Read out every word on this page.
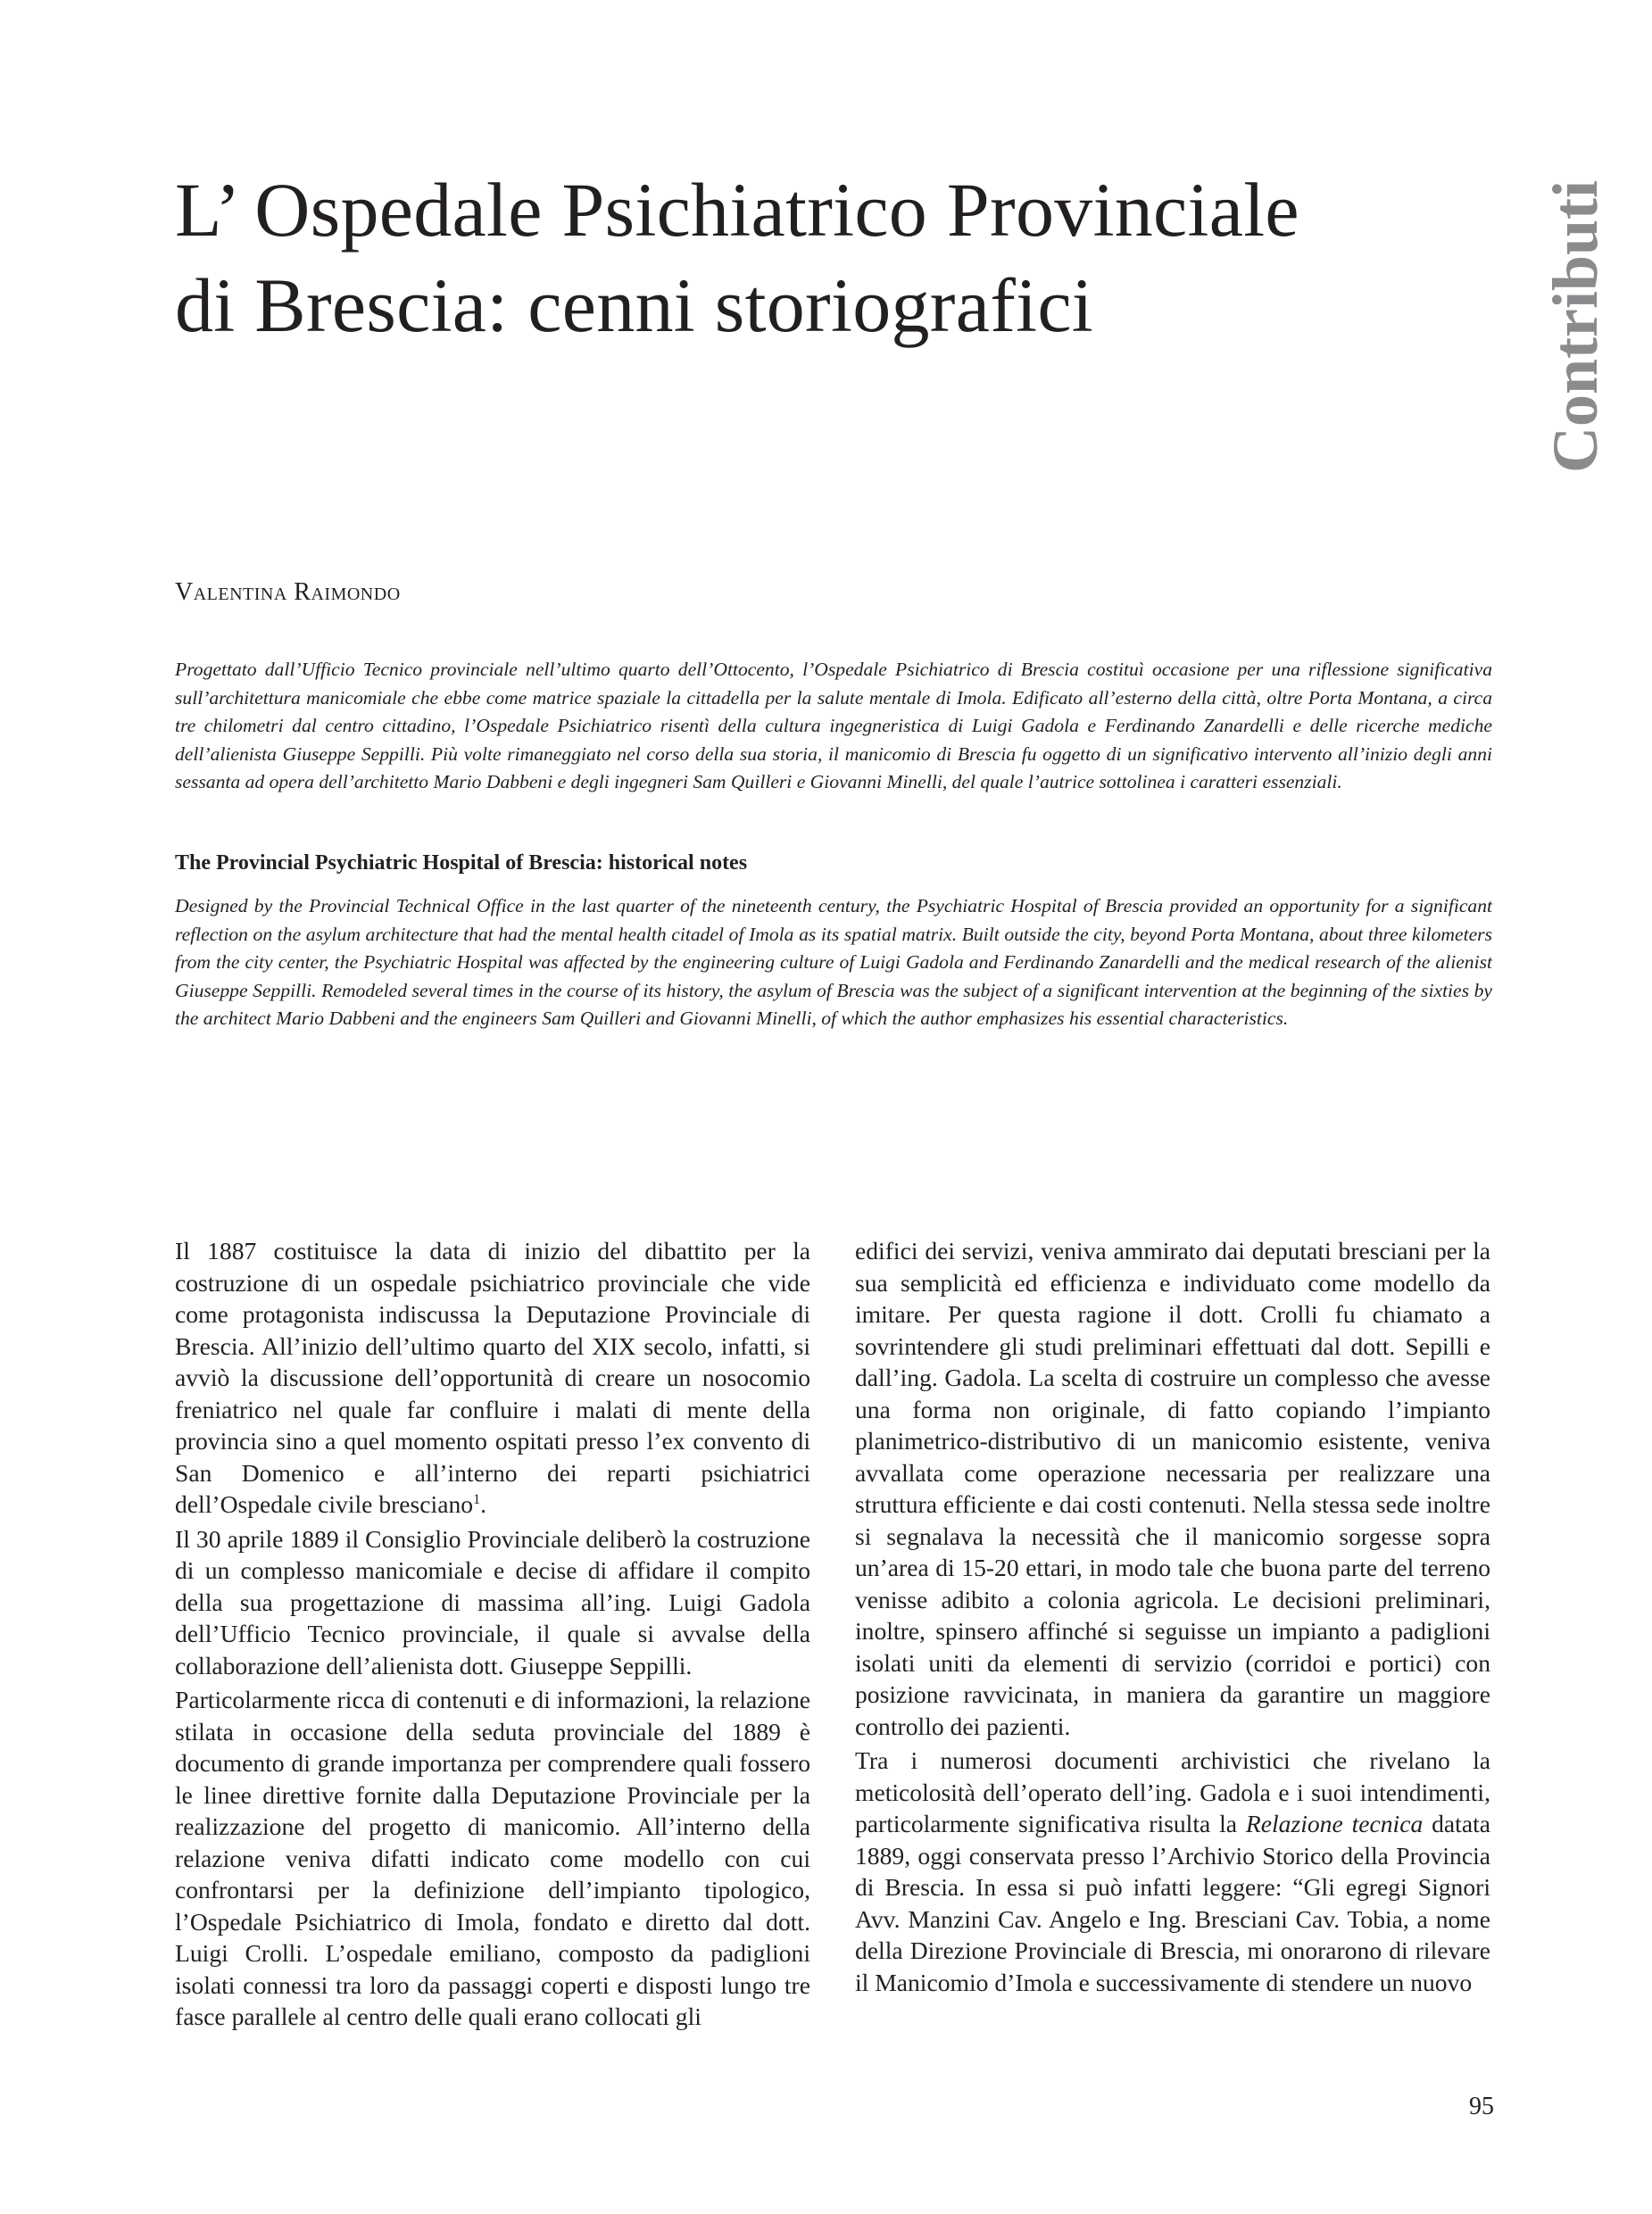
L’ Ospedale Psichiatrico Provinciale
di Brescia: cenni storiografici	Contributi
Valentina Raimondo
Progettato dall’Ufficio Tecnico provinciale nell’ultimo quarto dell’Ottocento, l’Ospedale Psichiatrico di Brescia costituì occasione per una riflessione significativa sull’architettura manicomiale che ebbe come matrice spaziale la cittadella per la salute mentale di Imola. Edificato all’esterno della città, oltre Porta Montana, a circa tre chilometri dal centro cittadino, l’Ospedale Psichiatrico risentì della cultura ingegneristica di Luigi Gadola e Ferdinando Zanardelli e delle ricerche mediche dell’alienista Giuseppe Seppilli. Più volte rimaneggiato nel corso della sua storia, il manicomio di Brescia fu oggetto di un significativo intervento all’inizio degli anni sessanta ad opera dell’architetto Mario Dabbeni e degli ingegneri Sam Quilleri e Giovanni Minelli, del quale l’autrice sottolinea i caratteri essenziali.
The Provincial Psychiatric Hospital of Brescia: historical notes
Designed by the Provincial Technical Office in the last quarter of the nineteenth century, the Psychiatric Hospital of Brescia provided an opportunity for a significant reflection on the asylum architecture that had the mental health citadel of Imola as its spatial matrix. Built outside the city, beyond Porta Montana, about three kilometers from the city center, the Psychiatric Hospital was affected by the engineering culture of Luigi Gadola and Ferdinando Zanardelli and the medical research of the alienist Giuseppe Seppilli. Remodeled several times in the course of its history, the asylum of Brescia was the subject of a significant intervention at the beginning of the sixties by the architect Mario Dabbeni and the engineers Sam Quilleri and Giovanni Minelli, of which the author emphasizes his essential characteristics.

Il 1887 costituisce la data di inizio del dibattito per la costruzione di un ospedale psichiatrico provinciale che vide come protagonista indiscussa la Deputazione Provinciale di Brescia. All’inizio dell’ultimo quarto del XIX secolo, infatti, si avviò la discussione dell’opportunità di creare un nosocomio freniatrico nel quale far confluire i malati di mente della provincia sino a quel momento ospitati presso l’ex convento di San Domenico e all’interno dei reparti psichiatrici dell’Ospedale civile bresciano$^1$.

Il 30 aprile 1889 il Consiglio Provinciale deliberò la costruzione di un complesso manicomiale e decise di affidare il compito della sua progettazione di massima all’ing. Luigi Gadola dell’Ufficio Tecnico provinciale, il quale si avvalse della collaborazione dell’alienista dott. Giuseppe Seppilli.

Particolarmente ricca di contenuti e di informazioni, la relazione stilata in occasione della seduta provinciale del 1889 è documento di grande importanza per comprendere quali fossero le linee direttive fornite dalla Deputazione Provinciale per la realizzazione del progetto di manicomio. All’interno della relazione veniva difatti indicato come modello con cui confrontarsi per la definizione dell’impianto tipologico, l’Ospedale Psichiatrico di Imola, fondato e diretto dal dott. Luigi Crolli. L’ospedale emiliano, composto da padiglioni isolati connessi tra loro da passaggi coperti e disposti lungo tre fasce parallele al centro delle quali erano collocati gli

edifici dei servizi, veniva ammirato dai deputati bresciani per la sua semplicità ed efficienza e individuato come modello da imitare. Per questa ragione il dott. Crolli fu chiamato a sovrintendere gli studi preliminari effettuati dal dott. Sepilli e dall’ing. Gadola. La scelta di costruire un complesso che avesse una forma non originale, di fatto copiando l’impianto planimetrico-distributivo di un manicomio esistente, veniva avvallata come operazione necessaria per realizzare una struttura efficiente e dai costi contenuti. Nella stessa sede inoltre si segnalava la necessità che il manicomio sorgesse sopra un’area di 15-20 ettari, in modo tale che buona parte del terreno venisse adibito a colonia agricola. Le decisioni preliminari, inoltre, spinsero affinché si seguisse un impianto a padiglioni isolati uniti da elementi di servizio (corridoi e portici) con posizione ravvicinata, in maniera da garantire un maggiore controllo dei pazienti.

Tra i numerosi documenti archivistici che rivelano la meticolosità dell’operato dell’ing. Gadola e i suoi intendimenti, particolarmente significativa risulta la Relazione tecnica datata 1889, oggi conservata presso l’Archivio Storico della Provincia di Brescia. In essa si può infatti leggere: “Gli egregi Signori Avv. Manzini Cav. Angelo e Ing. Bresciani Cav. Tobia, a nome della Direzione Provinciale di Brescia, mi onorarono di rilevare il Manicomio d’Imola e successivamente di stendere un nuovo

95
